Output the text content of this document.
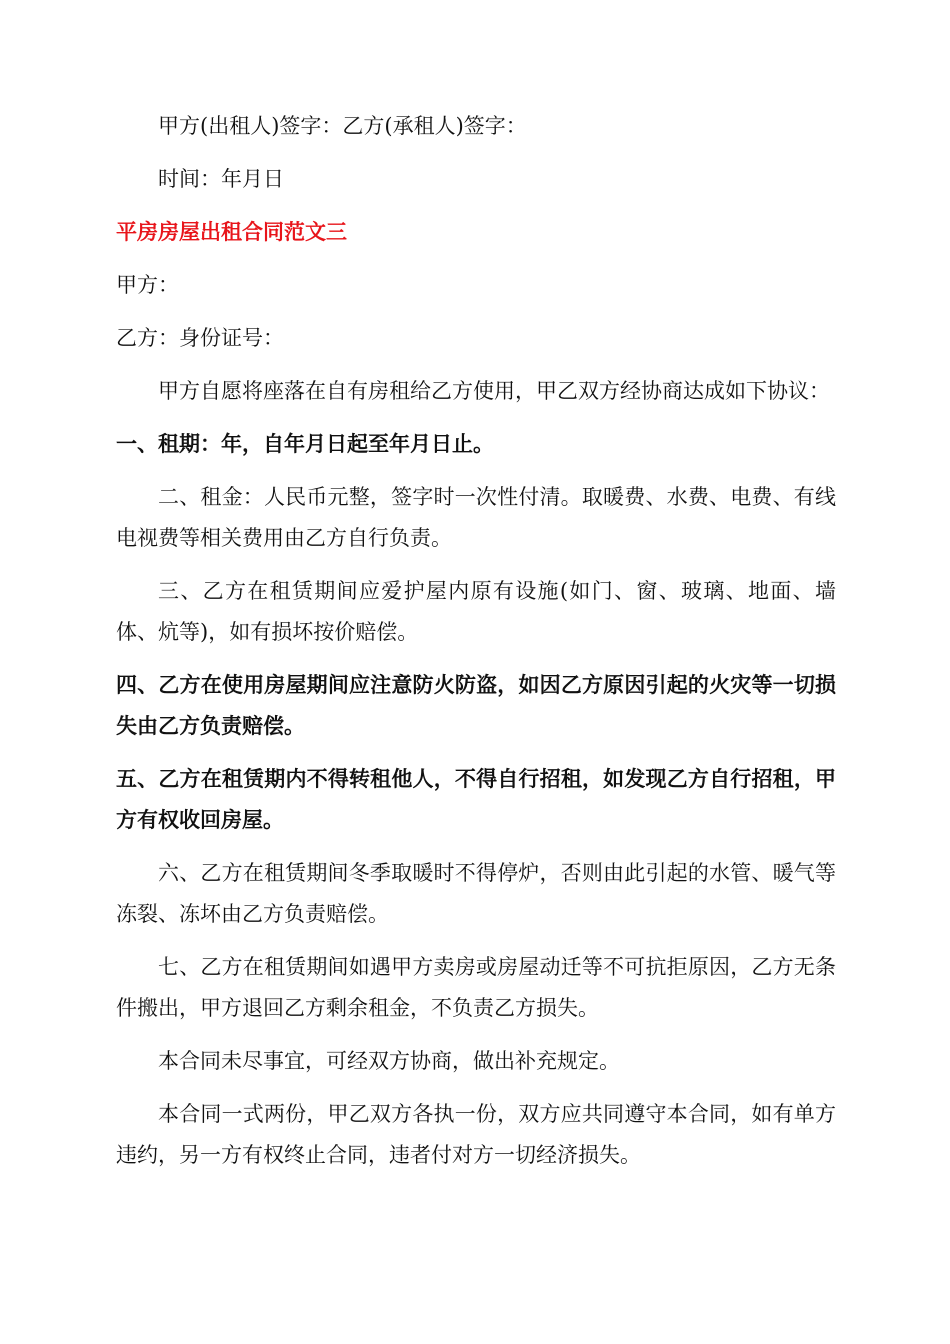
甲方(出租人)签字：乙方(承租人)签字：

时间：年月日

平房房屋出租合同范文三

甲方：

乙方：身份证号：

甲方自愿将座落在自有房租给乙方使用，甲乙双方经协商达成如下协议：

一、租期：年，自年月日起至年月日止。

二、租金：人民币元整，签字时一次性付清。取暖费、水费、电费、有线电视费等相关费用由乙方自行负责。

三、乙方在租赁期间应爱护屋内原有设施(如门、窗、玻璃、地面、墙体、炕等)，如有损坏按价赔偿。

四、乙方在使用房屋期间应注意防火防盗，如因乙方原因引起的火灾等一切损失由乙方负责赔偿。

五、乙方在租赁期内不得转租他人，不得自行招租，如发现乙方自行招租，甲方有权收回房屋。

六、乙方在租赁期间冬季取暖时不得停炉，否则由此引起的水管、暖气等冻裂、冻坏由乙方负责赔偿。

七、乙方在租赁期间如遇甲方卖房或房屋动迁等不可抗拒原因，乙方无条件搬出，甲方退回乙方剩余租金，不负责乙方损失。

本合同未尽事宜，可经双方协商，做出补充规定。

本合同一式两份，甲乙双方各执一份，双方应共同遵守本合同，如有单方违约，另一方有权终止合同，违者付对方一切经济损失。
